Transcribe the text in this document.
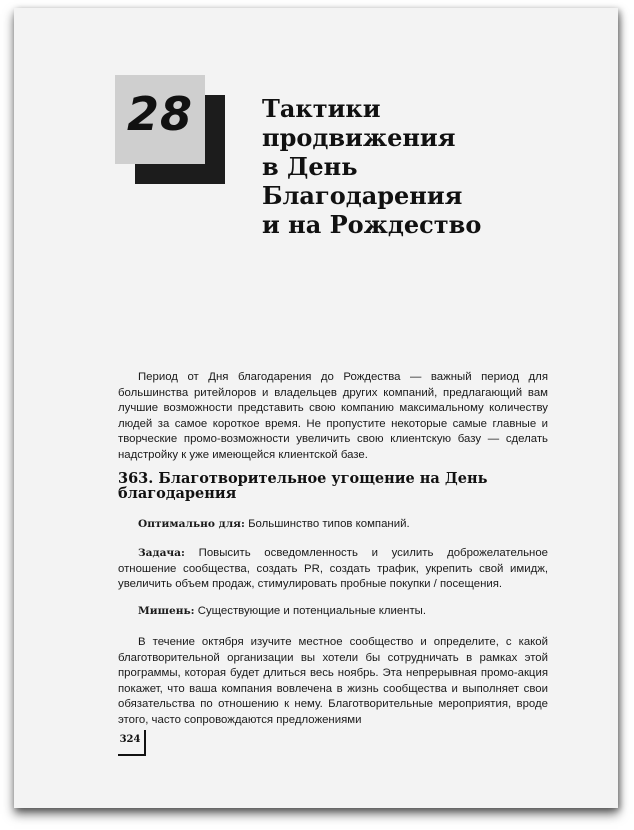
28	Тактики
продвижения
в День
Благодарения
и на Рождество
Период от Дня благодарения до Рождества — важный период для большинства ритейлоров и владельцев других компаний, предлагающий вам лучшие возможности представить свою компанию максимальному количеству людей за самое короткое время. Не пропустите некоторые самые главные и творческие промо-возможности увеличить свою клиентскую базу — сделать надстройку к уже имеющейся клиентской базе.
363. Благотворительное угощение на День благодарения
Оптимально для: Большинство типов компаний.
Задача: Повысить осведомленность и усилить доброжелательное отношение сообщества, создать PR, создать трафик, укрепить свой имидж, увеличить объем продаж, стимулировать пробные покупки / посещения.
Мишень: Существующие и потенциальные клиенты.
В течение октября изучите местное сообщество и определите, с какой благотворительной организации вы хотели бы сотрудничать в рамках этой программы, которая будет длиться весь ноябрь. Эта непрерывная промо-акция покажет, что ваша компания вовлечена в жизнь сообщества и выполняет свои обязательства по отношению к нему. Благотворительные мероприятия, вроде этого, часто сопровождаются предложениями
324
